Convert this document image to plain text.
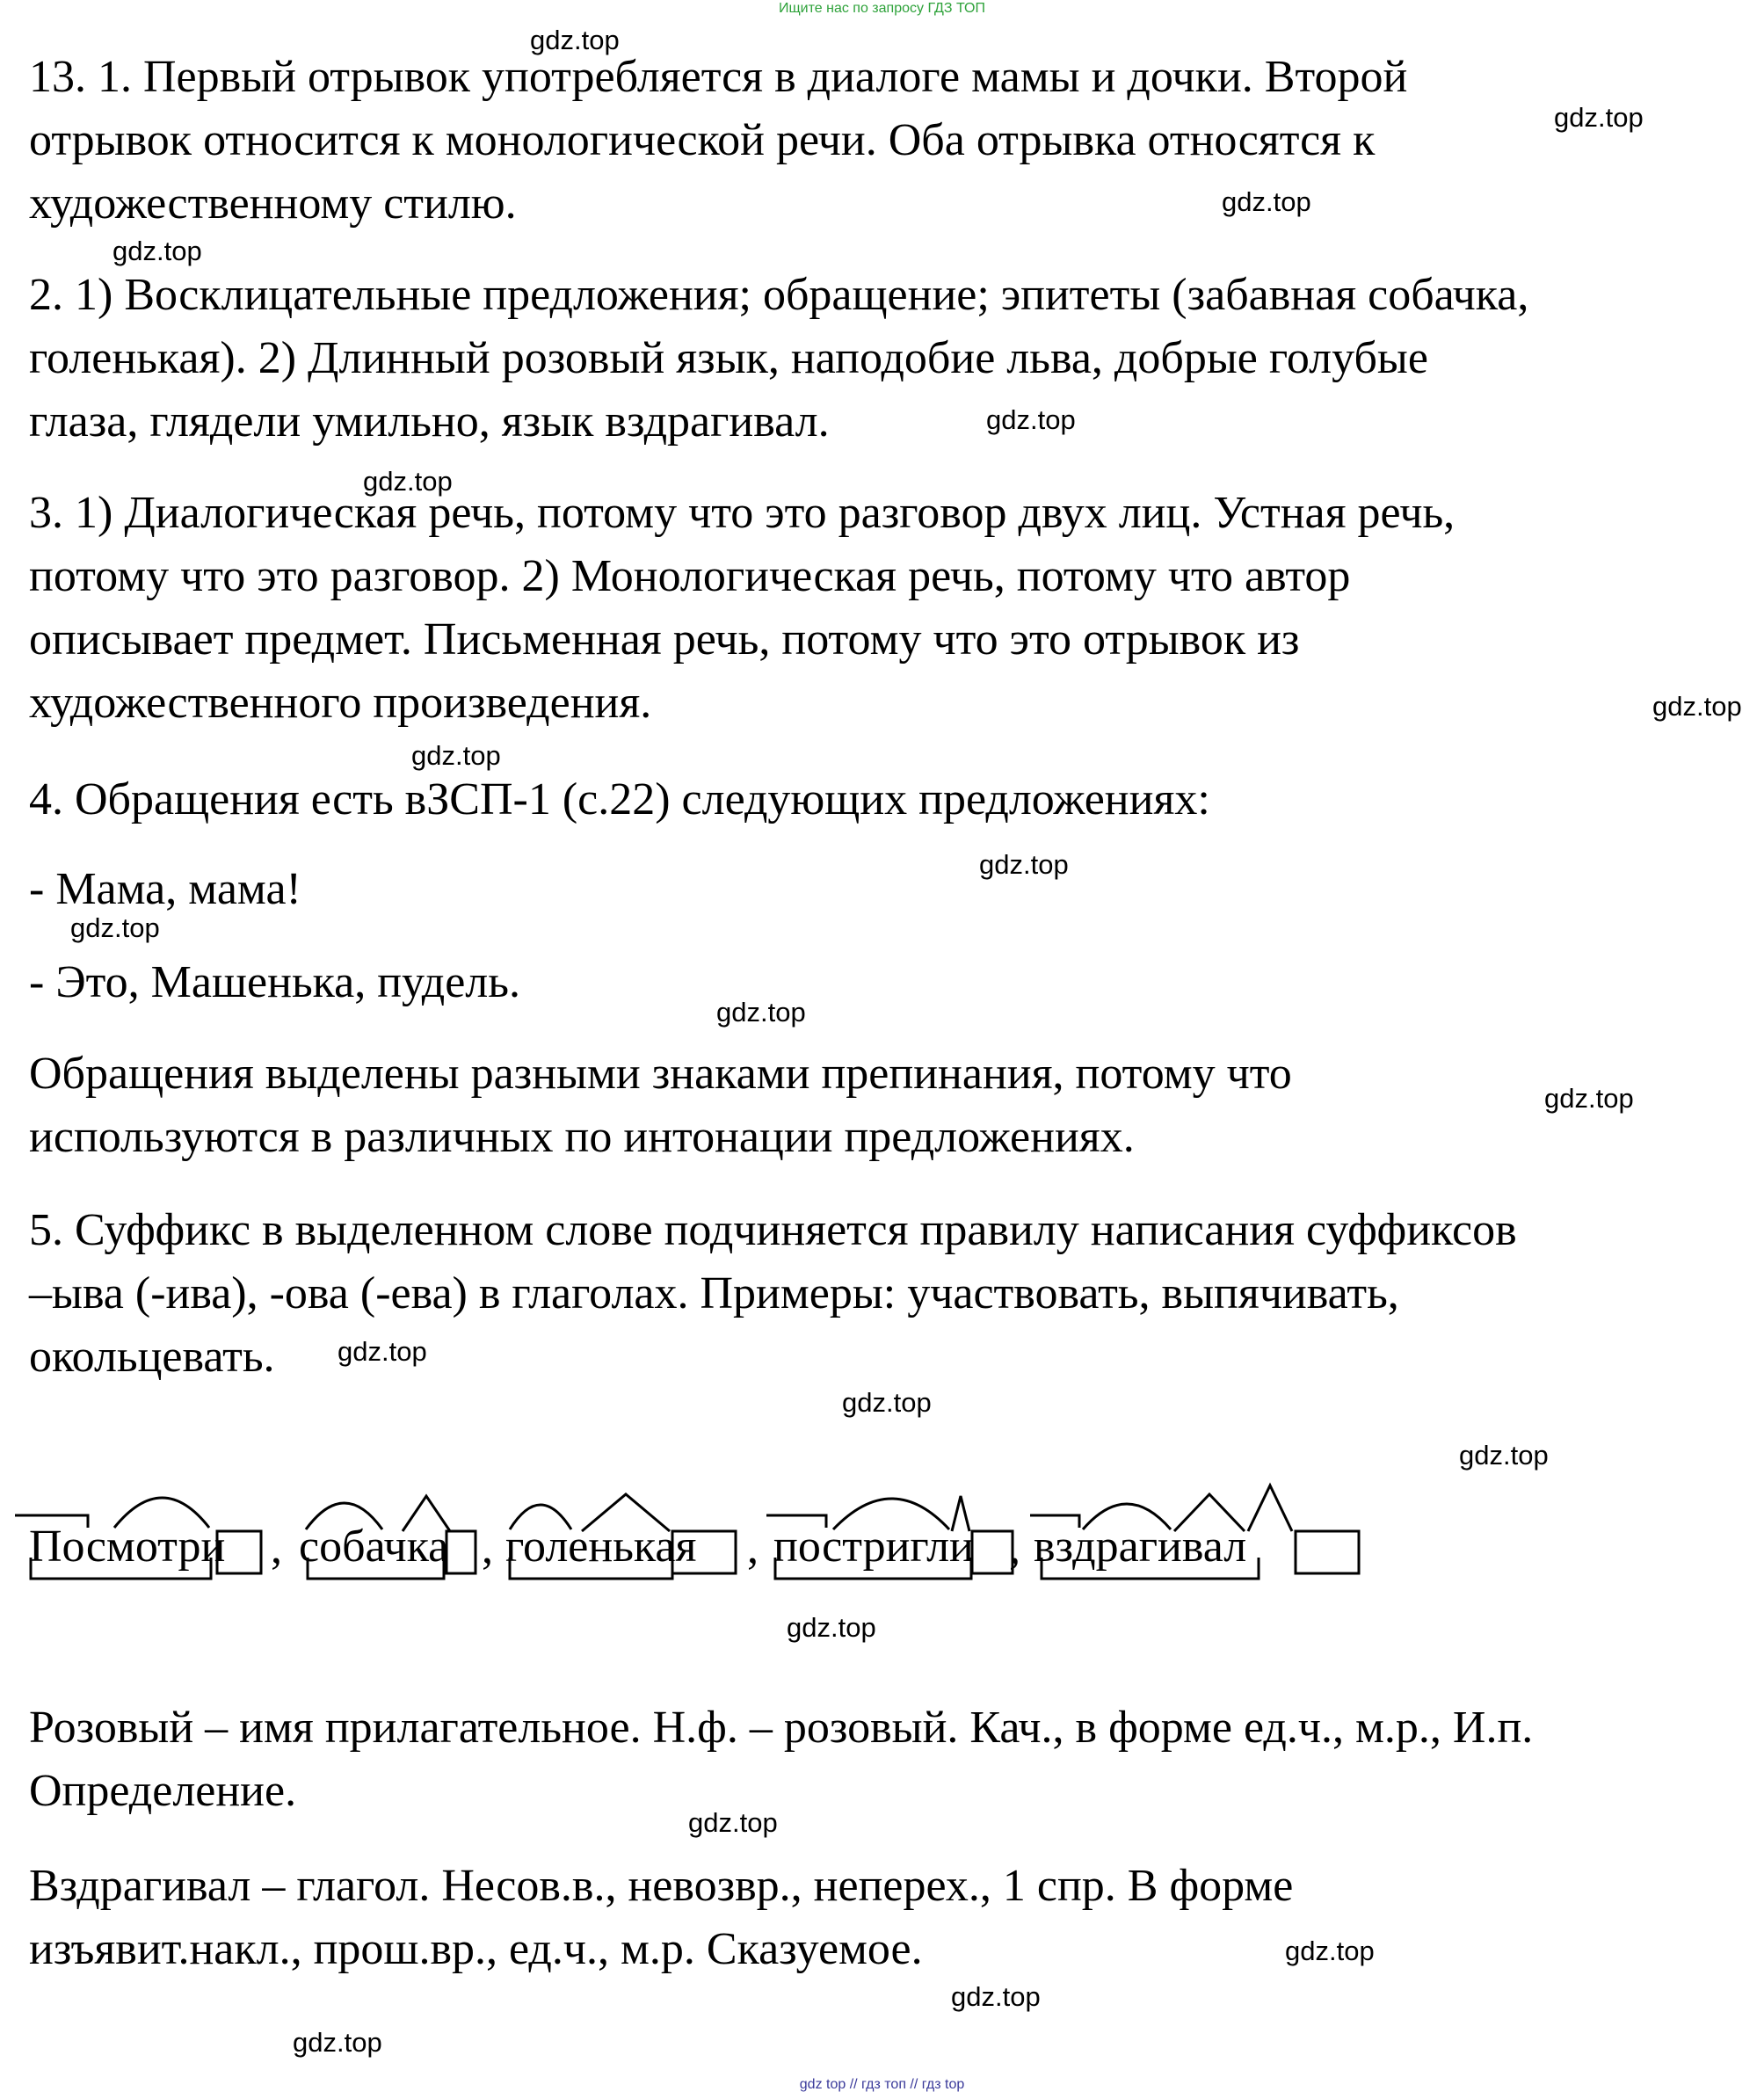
Ищите нас по запросу ГДЗ ТОП
13. 1. Первый отрывок употребляется в диалоге мамы и дочки. Второй
отрывок относится к монологической речи. Оба отрывка относятся к
художественному стилю.
2. 1) Восклицательные предложения; обращение; эпитеты (забавная собачка,
голенькая). 2) Длинный розовый язык, наподобие льва, добрые голубые
глаза, глядели умильно, язык вздрагивал.
3. 1) Диалогическая речь, потому что это разговор двух лиц. Устная речь,
потому что это разговор. 2) Монологическая речь, потому что автор
описывает предмет. Письменная речь, потому что это отрывок из
художественного произведения.
4. Обращения есть вЗСП-1 (с.22) следующих предложениях:
- Мама, мама!
- Это, Машенька, пудель.
Обращения выделены разными знаками препинания, потому что
используются в различных по интонации предложениях.
5. Суффикс в выделенном слове подчиняется правилу написания суффиксов
–ыва (-ива), -ова (-ева) в глаголах. Примеры: участвовать, выпячивать,
окольцевать.
Розовый – имя прилагательное. Н.ф. – розовый. Кач., в форме ед.ч., м.р., И.п.
Определение.
Вздрагивал – глагол. Несов.в., невозвр., неперех., 1 спр. В форме
изъявит.накл., прош.вр., ед.ч., м.р. Сказуемое.
Посмотри , собачка , голенькая , постригли , вздрагивал
gdz.top
gdz.top
gdz.top
gdz.top
gdz.top
gdz.top
gdz.top
gdz.top
gdz.top
gdz.top
gdz.top
gdz.top
gdz.top
gdz.top
gdz.top
gdz.top
gdz.top
gdz.top
gdz.top
gdz.top
gdz top // гдз топ // гдз top
